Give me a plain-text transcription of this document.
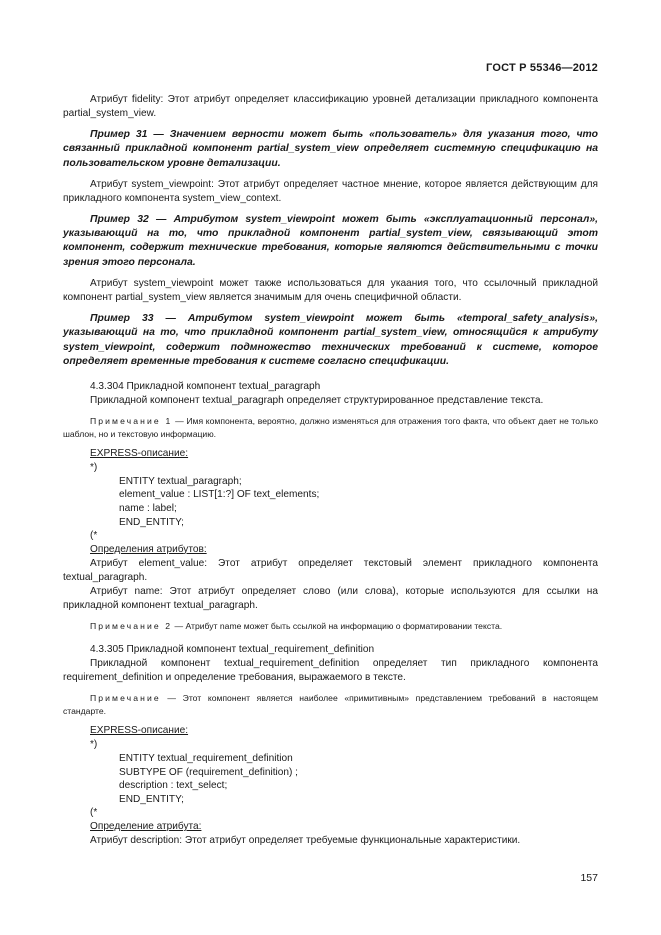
ГОСТ Р 55346—2012

Атрибут fidelity: Этот атрибут определяет классификацию уровней детализации прикладного компонента partial_system_view.

Пример 31 — Значением верности может быть «пользователь» для указания того, что связанный прикладной компонент partial_system_view определяет системную спецификацию на пользовательском уровне детализации.

Атрибут system_viewpoint: Этот атрибут определяет частное мнение, которое является действующим для прикладного компонента system_view_context.

Пример 32 — Атрибутом system_viewpoint может быть «эксплуатационный персонал», указывающий на то, что прикладной компонент partial_system_view, связывающий этот компонент, содержит технические требования, которые являются действительными с точки зрения этого персонала.

Атрибут system_viewpoint может также использоваться для укаания того, что ссылочный прикладной компонент partial_system_view является значимым для очень специфичной области.

Пример 33 — Атрибутом system_viewpoint может быть «temporal_safety_analysis», указывающий на то, что прикладной компонент partial_system_view, относящийся к атрибуту system_viewpoint, содержит подмножество технических требований к системе, которое определяет временные требования к системе согласно спецификации.

4.3.304 Прикладной компонент textual_paragraph

Прикладной компонент textual_paragraph определяет структурированное представление текста.

Примечание 1 — Имя компонента, вероятно, должно изменяться для отражения того факта, что объект дает не только шаблон, но и текстовую информацию.

EXPRESS-описание:

*)
ENTITY textual_paragraph;
element_value : LIST[1:?] OF text_elements;
name : label;
END_ENTITY;
(*

Определения атрибутов:

Атрибут element_value: Этот атрибут определяет текстовый элемент прикладного компонента textual_paragraph.

Атрибут name: Этот атрибут определяет слово (или слова), которые используются для ссылки на прикладной компонент textual_paragraph.

Примечание 2 — Атрибут name может быть ссылкой на информацию о форматировании текста.

4.3.305 Прикладной компонент textual_requirement_definition

Прикладной компонент textual_requirement_definition определяет тип прикладного компонента requirement_definition и определение требования, выражаемого в тексте.

Примечание — Этот компонент является наиболее «примитивным» представлением требований в настоящем стандарте.

EXPRESS-описание:

*)
ENTITY textual_requirement_definition
SUBTYPE OF (requirement_definition) ;
description : text_select;
END_ENTITY;
(*

Определение атрибута:

Атрибут description: Этот атрибут определяет требуемые функциональные характеристики.

157
